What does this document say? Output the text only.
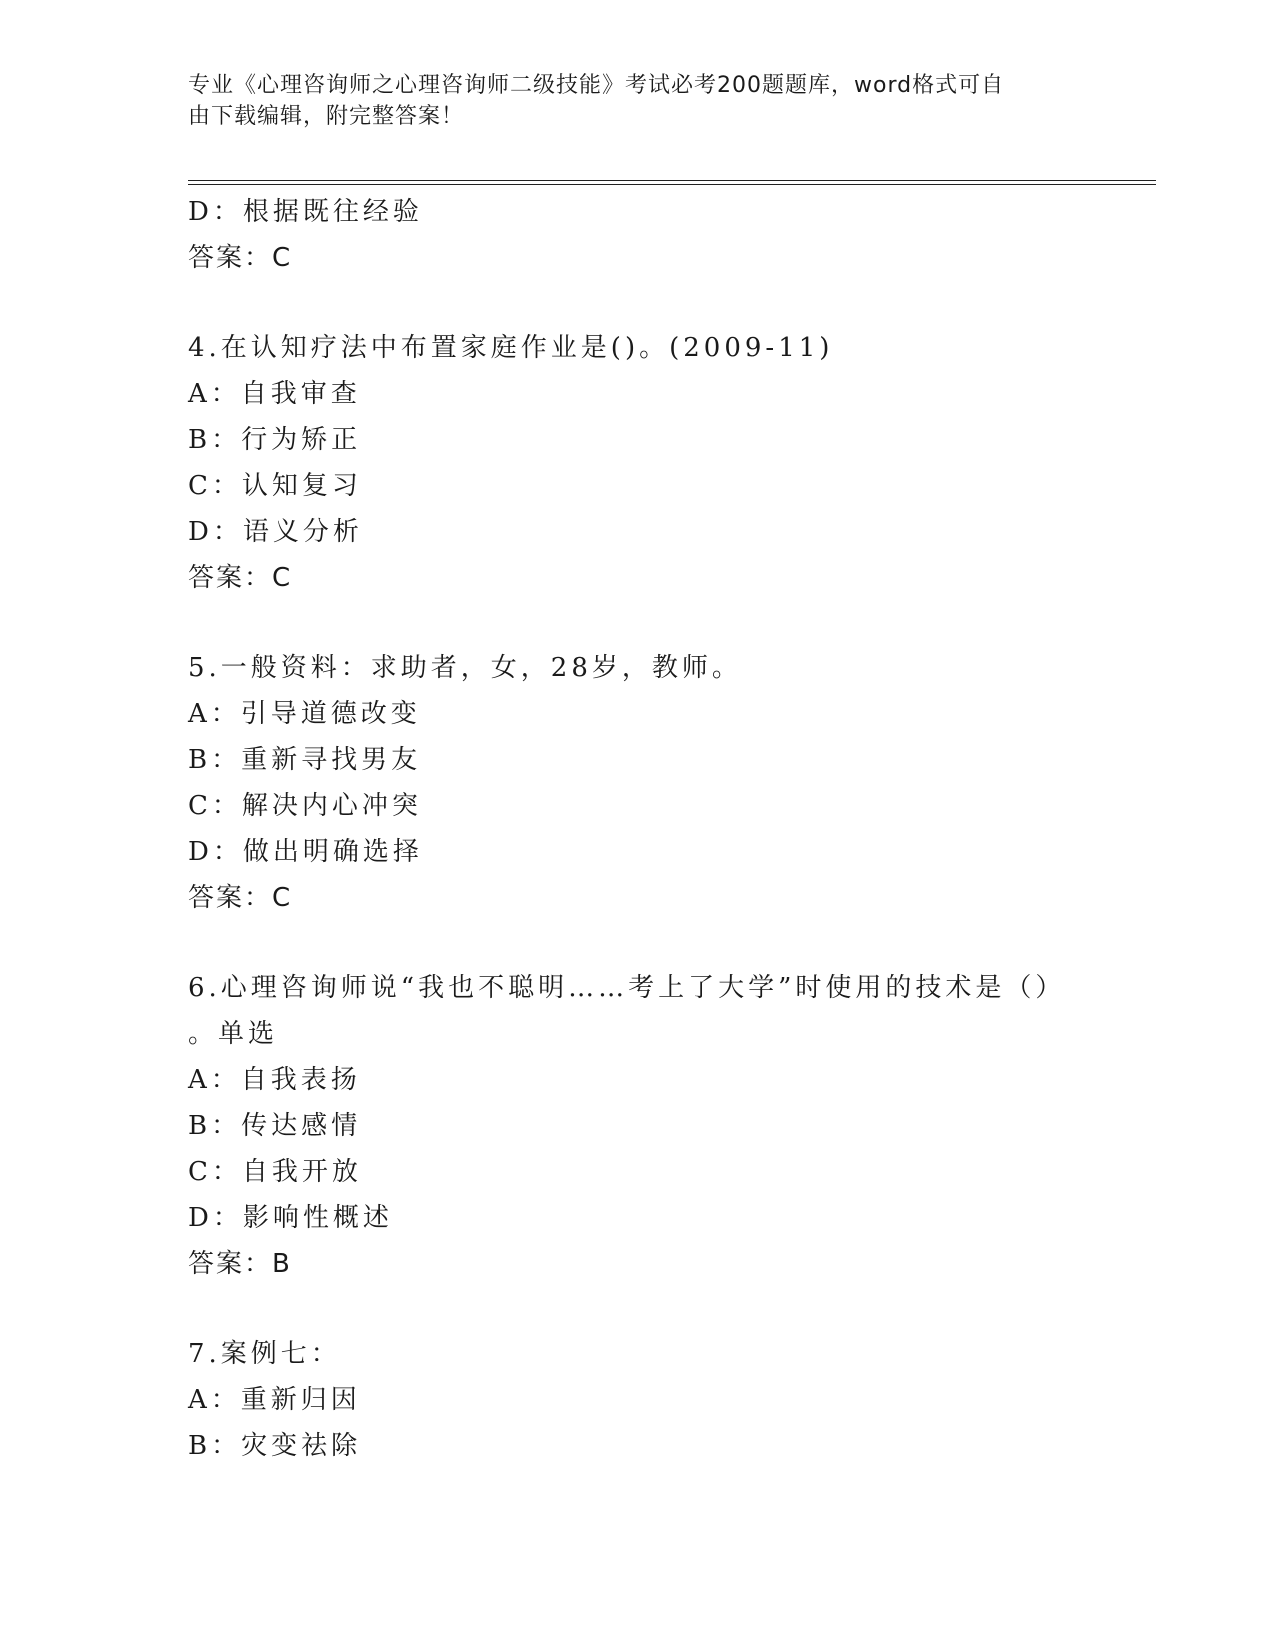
专业《心理咨询师之心理咨询师二级技能》考试必考200题题库，word格式可自
由下载编辑，附完整答案！
D：根据既往经验
答案：C
4.在认知疗法中布置家庭作业是()。(2009-11)
A：自我审查
B：行为矫正
C：认知复习
D：语义分析
答案：C
5.一般资料：求助者，女，28岁，教师。
A：引导道德改变
B：重新寻找男友
C：解决内心冲突
D：做出明确选择
答案：C
6.心理咨询师说“我也不聪明……考上了大学”时使用的技术是（）
。单选
A：自我表扬
B：传达感情
C：自我开放
D：影响性概述
答案：B
7.案例七：
A：重新归因
B：灾变祛除
